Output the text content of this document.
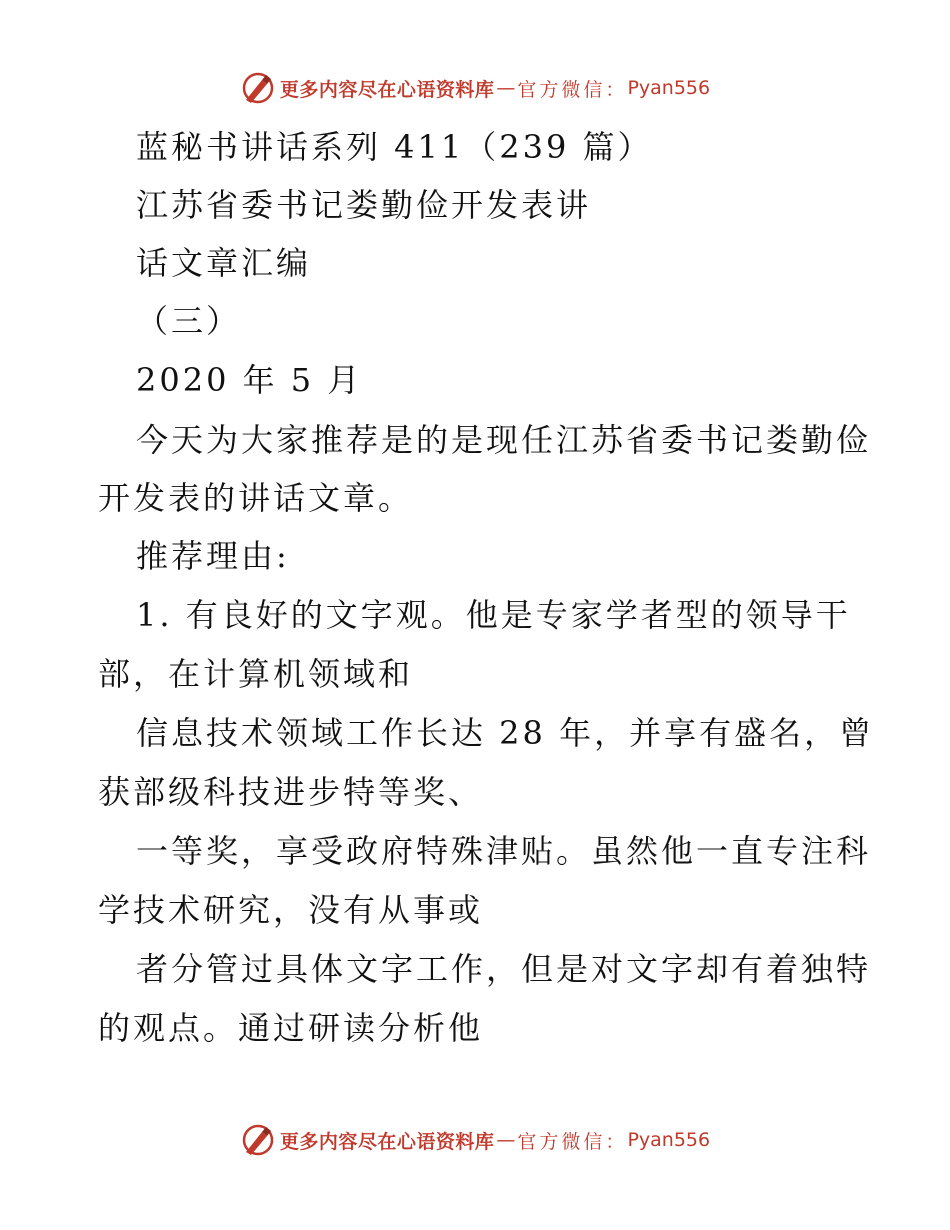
更多内容尽在心语资料库 — 官方微信： Pyan556
蓝秘书讲话系列 411（239 篇）
江苏省委书记娄勤俭开发表讲
话文章汇编
（三）
2020 年 5 月
今天为大家推荐是的是现任江苏省委书记娄勤俭
开发表的讲话文章。
推荐理由:
1. 有良好的文字观。他是专家学者型的领导干
部，在计算机领域和
信息技术领域工作长达 28 年，并享有盛名，曾
获部级科技进步特等奖、
一等奖，享受政府特殊津贴。虽然他一直专注科
学技术研究，没有从事或
者分管过具体文字工作，但是对文字却有着独特
的观点。通过研读分析他
更多内容尽在心语资料库 — 官方微信： Pyan556
